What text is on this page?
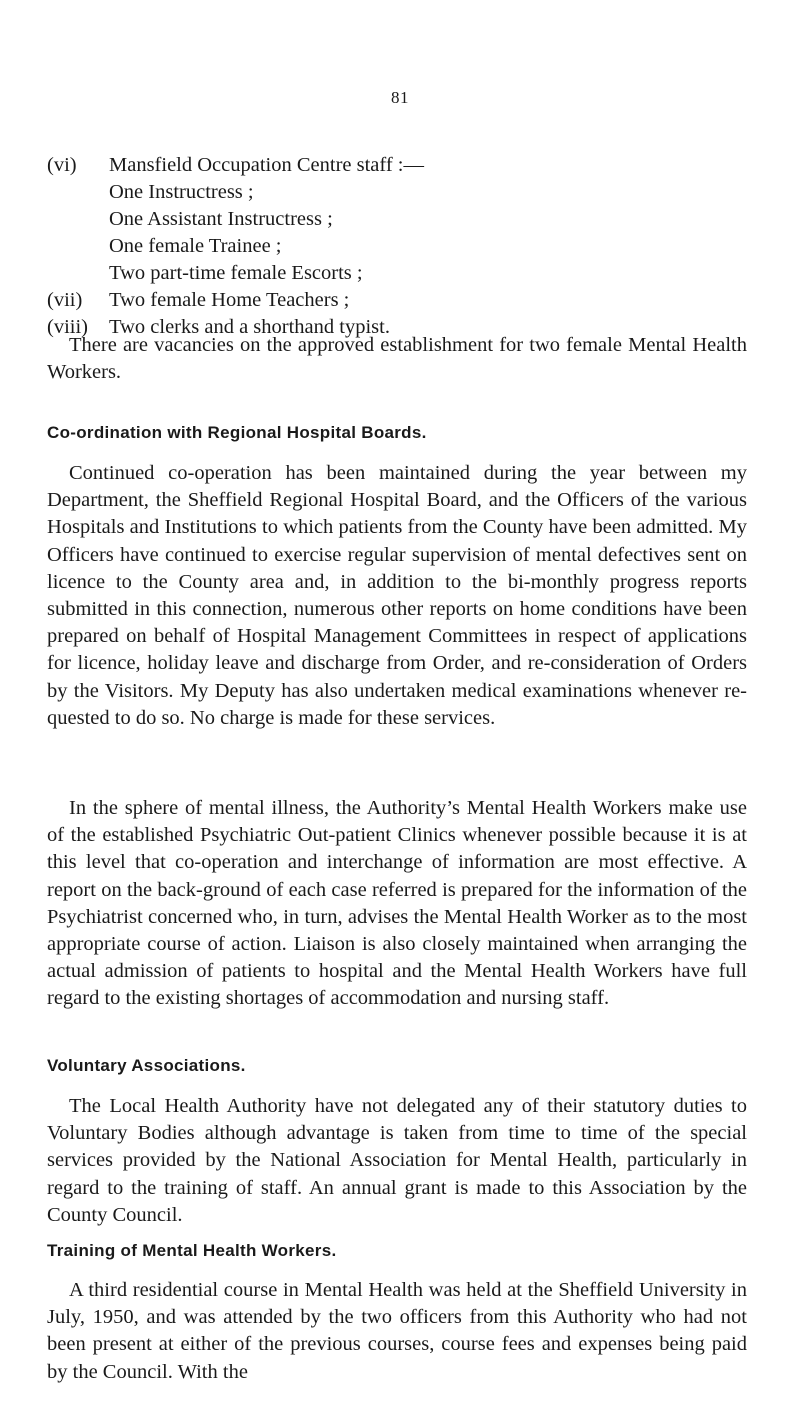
81
(vi)	Mansfield Occupation Centre staff :—
One Instructress ;
One Assistant Instructress ;
One female Trainee ;
Two part-time female Escorts ;
(vii)	Two female Home Teachers ;
(viii)	Two clerks and a shorthand typist.

There are vacancies on the approved establishment for two female Mental Health Workers.

Co-ordination with Regional Hospital Boards.

Continued co-operation has been maintained during the year between my Department, the Sheffield Regional Hospital Board, and the Officers of the various Hospitals and Institutions to which patients from the County have been admitted. My Officers have continued to exercise regular supervision of mental defectives sent on licence to the County area and, in addition to the bi-monthly progress reports submitted in this connection, numerous other reports on home conditions have been prepared on behalf of Hospital Management Committees in respect of applications for licence, holiday leave and discharge from Order, and re-consideration of Orders by the Visitors. My Deputy has also undertaken medical examinations whenever re-quested to do so. No charge is made for these services.

In the sphere of mental illness, the Authority’s Mental Health Workers make use of the established Psychiatric Out-patient Clinics whenever possible because it is at this level that co-operation and interchange of information are most effective. A report on the back-ground of each case referred is prepared for the information of the Psychiatrist concerned who, in turn, advises the Mental Health Worker as to the most appropriate course of action. Liaison is also closely maintained when arranging the actual admission of patients to hospital and the Mental Health Workers have full regard to the existing shortages of accommodation and nursing staff.

Voluntary Associations.

The Local Health Authority have not delegated any of their statutory duties to Voluntary Bodies although advantage is taken from time to time of the special services provided by the National Association for Mental Health, particularly in regard to the training of staff. An annual grant is made to this Association by the County Council.

Training of Mental Health Workers.

A third residential course in Mental Health was held at the Sheffield University in July, 1950, and was attended by the two officers from this Authority who had not been present at either of the previous courses, course fees and expenses being paid by the Council. With the
